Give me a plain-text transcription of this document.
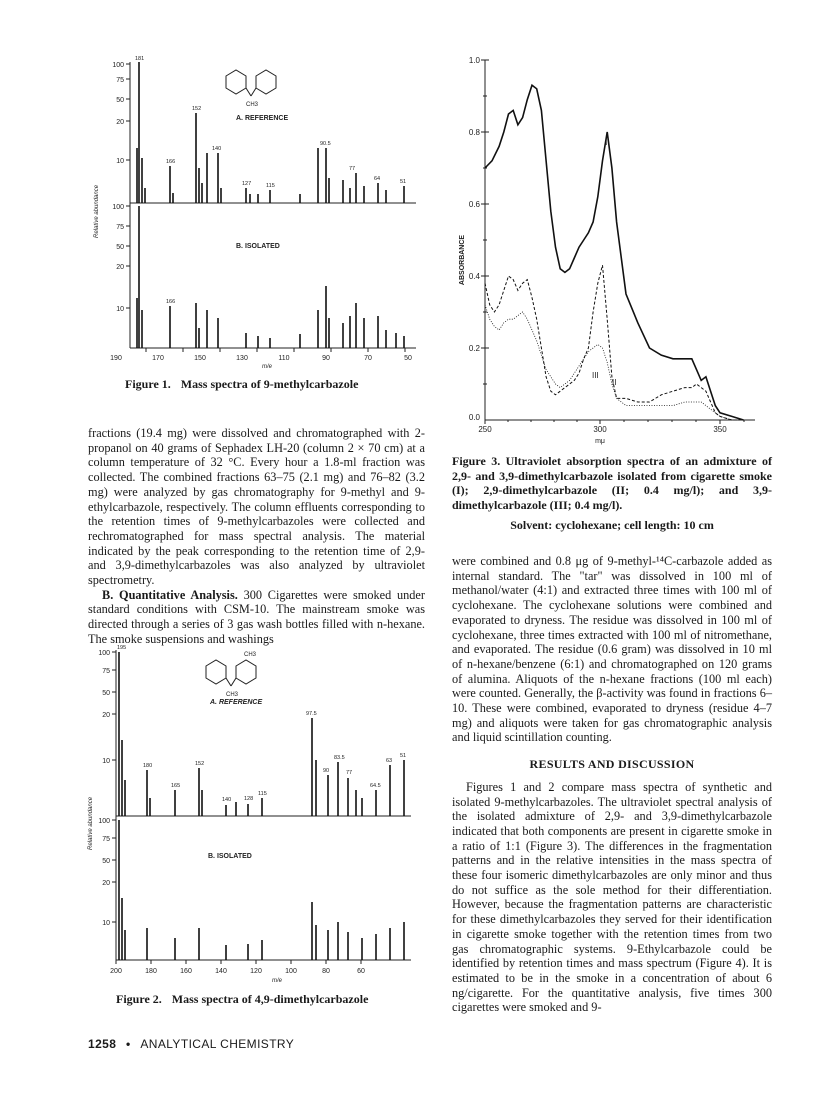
CH3
100
75
50
20
10
100
75
50
20
10
Relative abundance
190	170	150	130	110	90	70	50
m/e
A. REFERENCE
B. ISOLATED
181
152
140
166
127	115
90.5
77
64	51
166
Figure 1. Mass spectra of 9-methylcarbazole
1.0
0.8
0.6
0.4
0.2
0.0
250	300	350
mμ
ABSORBANCE
I
II
III
Figure 3. Ultraviolet absorption spectra of an admixture of 2,9- and 3,9-dimethylcarbazole isolated from cigarette smoke (I); 2,9-dimethylcarbazole (II; 0.4 mg/l); and 3,9-dimethylcarbazole (III; 0.4 mg/l).
Solvent: cyclohexane; cell length: 10 cm

fractions (19.4 mg) were dissolved and chromatographed with 2-propanol on 40 grams of Sephadex LH-20 (column 2 × 70 cm) at a column temperature of 32 °C. Every hour a 1.8-ml fraction was collected. The combined fractions 63–75 (2.1 mg) and 76–82 (3.2 mg) were analyzed by gas chromatography for 9-methyl and 9-ethylcarbazole, respectively. The column effluents corresponding to the retention times of 9-methylcarbazoles were collected and rechromatographed for mass spectral analysis. The material indicated by the peak corresponding to the retention time of 2,9- and 3,9-dimethylcarbazoles was also analyzed by ultraviolet spectrometry.

B. Quantitative Analysis. 300 Cigarettes were smoked under standard conditions with CSM-10. The mainstream smoke was directed through a series of 3 gas wash bottles filled with n-hexane. The smoke suspensions and washings

CH3
CH3
100
75
50
20
10
100
75
50
20
10
Relative abundance
200	180	160	140	120	100	80	60
m/e
A. REFERENCE
B. ISOLATED
195
180
165
152
140 128
115
97.5
90
83.5
77
63
51
64.5
Figure 2. Mass spectra of 4,9-dimethylcarbazole

were combined and 0.8 μg of 9-methyl-¹⁴C-carbazole added as internal standard. The "tar" was dissolved in 100 ml of methanol/water (4:1) and extracted three times with 100 ml of cyclohexane. The cyclohexane solutions were combined and evaporated to dryness. The residue was dissolved in 100 ml of cyclohexane, three times extracted with 100 ml of nitromethane, and evaporated. The residue (0.6 gram) was dissolved in 10 ml of n-hexane/benzene (6:1) and chromatographed on 120 grams of alumina. Aliquots of the n-hexane fractions (100 ml each) were counted. Generally, the β-activity was found in fractions 6–10. These were combined, evaporated to dryness (residue 4–7 mg) and aliquots were taken for gas chromatographic analysis and liquid scintillation counting.

RESULTS AND DISCUSSION

Figures 1 and 2 compare mass spectra of synthetic and isolated 9-methylcarbazoles. The ultraviolet spectral analysis of the isolated admixture of 2,9- and 3,9-dimethylcarbazole indicated that both components are present in cigarette smoke in a ratio of 1:1 (Figure 3). The differences in the fragmentation patterns and in the relative intensities in the mass spectra of these four isomeric dimethylcarbazoles are only minor and thus do not suffice as the sole method for their differentiation. However, because the fragmentation patterns are characteristic for these dimethylcarbazoles they served for their identification in cigarette smoke together with the retention times from two gas chromatographic systems. 9-Ethylcarbazole could be identified by retention times and mass spectrum (Figure 4). It is estimated to be in the smoke in a concentration of about 6 ng/cigarette. For the quantitative analysis, five times 300 cigarettes were smoked and 9-

1258 • ANALYTICAL CHEMISTRY
